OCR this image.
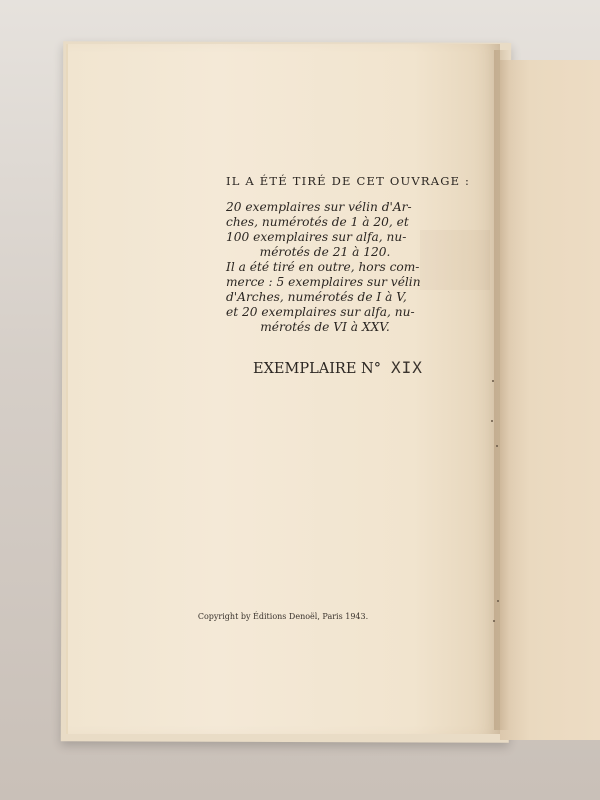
IL A ÉTÉ TIRÉ DE CET OUVRAGE :

20 exemplaires sur vélin d'Ar-
ches, numérotés de 1 à 20, et
100 exemplaires sur alfa, nu-
mérotés de 21 à 120.
Il a été tiré en outre, hors com-
merce : 5 exemplaires sur vélin
d'Arches, numérotés de I à V,
et 20 exemplaires sur alfa, nu-
mérotés de VI à XXV.

EXEMPLAIRE N° XIX
Copyright by Éditions Denoël, Paris 1943.
